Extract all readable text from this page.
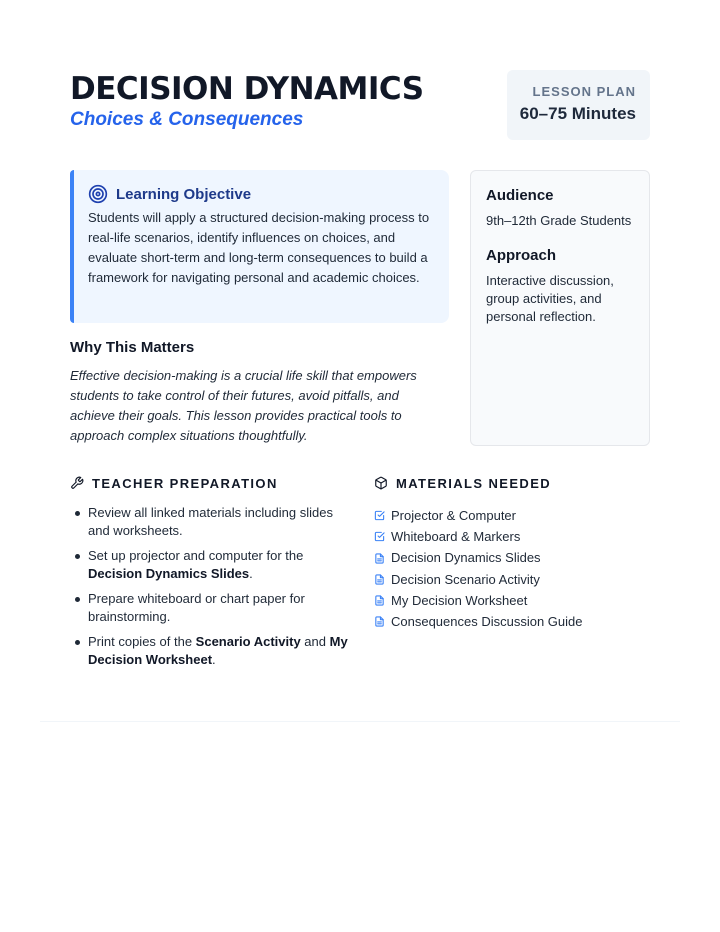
DECISION DYNAMICS
Choices & Consequences
LESSON PLAN
60–75 Minutes
Learning Objective

Students will apply a structured decision-making process to real-life scenarios, identify influences on choices, and evaluate short-term and long-term consequences to build a framework for navigating personal and academic choices.

Audience
9th–12th Grade Students
Approach
Interactive discussion, group activities, and personal reflection.
Why This Matters

Effective decision-making is a crucial life skill that empowers students to take control of their futures, avoid pitfalls, and achieve their goals. This lesson provides practical tools to approach complex situations thoughtfully.

TEACHER PREPARATION
Review all linked materials including slides and worksheets.
Set up projector and computer for the Decision Dynamics Slides.
Prepare whiteboard or chart paper for brainstorming.
Print copies of the Scenario Activity and My Decision Worksheet.
MATERIALS NEEDED
Projector & Computer
Whiteboard & Markers
Decision Dynamics Slides
Decision Scenario Activity
My Decision Worksheet
Consequences Discussion Guide
